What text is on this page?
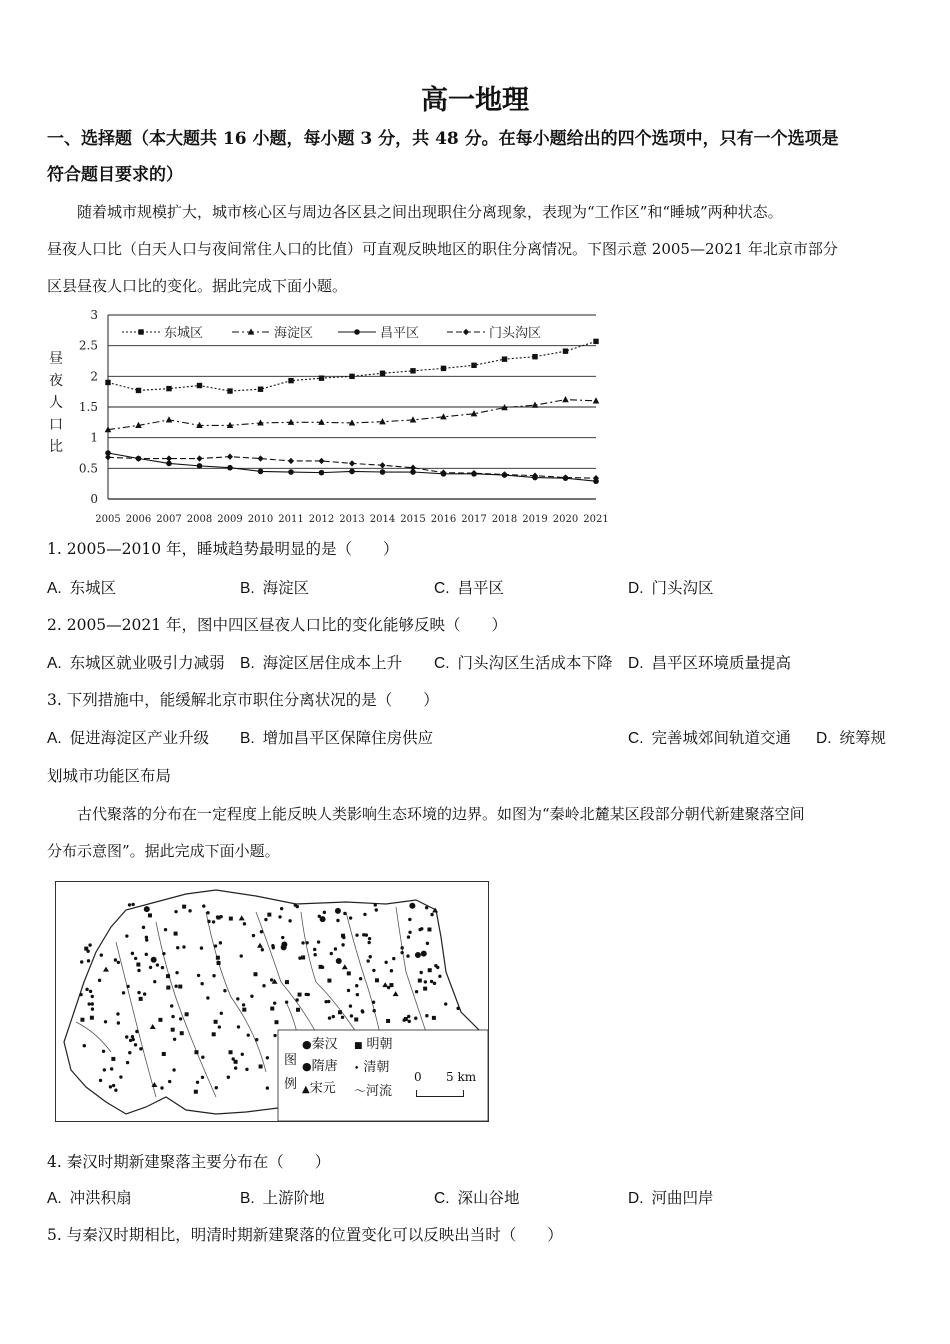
高一地理
一、选择题（本大题共 16 小题，每小题 3 分，共 48 分。在每小题给出的四个选项中，只有一个选项是
符合题目要求的）
随着城市规模扩大，城市核心区与周边各区县之间出现职住分离现象，表现为“工作区”和“睡城”两种状态。
昼夜人口比（白天人口与夜间常住人口的比值）可直观反映地区的职住分离情况。下图示意 2005—2021 年北京市部分
区县昼夜人口比的变化。据此完成下面小题。
0
0.5
1
1.5
2
2.5
3
2005 2006 2007 2008 2009 2010 2011 2012 2013 2014 2015 2016 2017 2018 2019 2020 2021
东城区	海淀区	昌平区	门头沟区
昼
夜
人
口
比
1. 2005—2010 年，睡城趋势最明显的是（　　）
A. 东城区	B. 海淀区	C. 昌平区	D. 门头沟区
2. 2005—2021 年，图中四区昼夜人口比的变化能够反映（　　）
A. 东城区就业吸引力减弱 B. 海淀区居住成本上升 C. 门头沟区生活成本下降 D. 昌平区环境质量提高
3. 下列措施中，能缓解北京市职住分离状况的是（　　）
A. 促进海淀区产业升级 B. 增加昌平区保障住房供应	C. 完善城郊间轨道交通 D. 统筹规
划城市功能区布局
古代聚落的分布在一定程度上能反映人类影响生态环境的边界。如图为“秦岭北麓某区段部分朝代新建聚落空间
分布示意图”。据此完成下面小题。
图
例
●秦汉
●隋唐
▲宋元
■ 明朝
• 清朝
〜河流
0 5 km
4. 秦汉时期新建聚落主要分布在（　　）
A. 冲洪积扇	B. 上游阶地	C. 深山谷地	D. 河曲凹岸
5. 与秦汉时期相比，明清时期新建聚落的位置变化可以反映出当时（　　）
